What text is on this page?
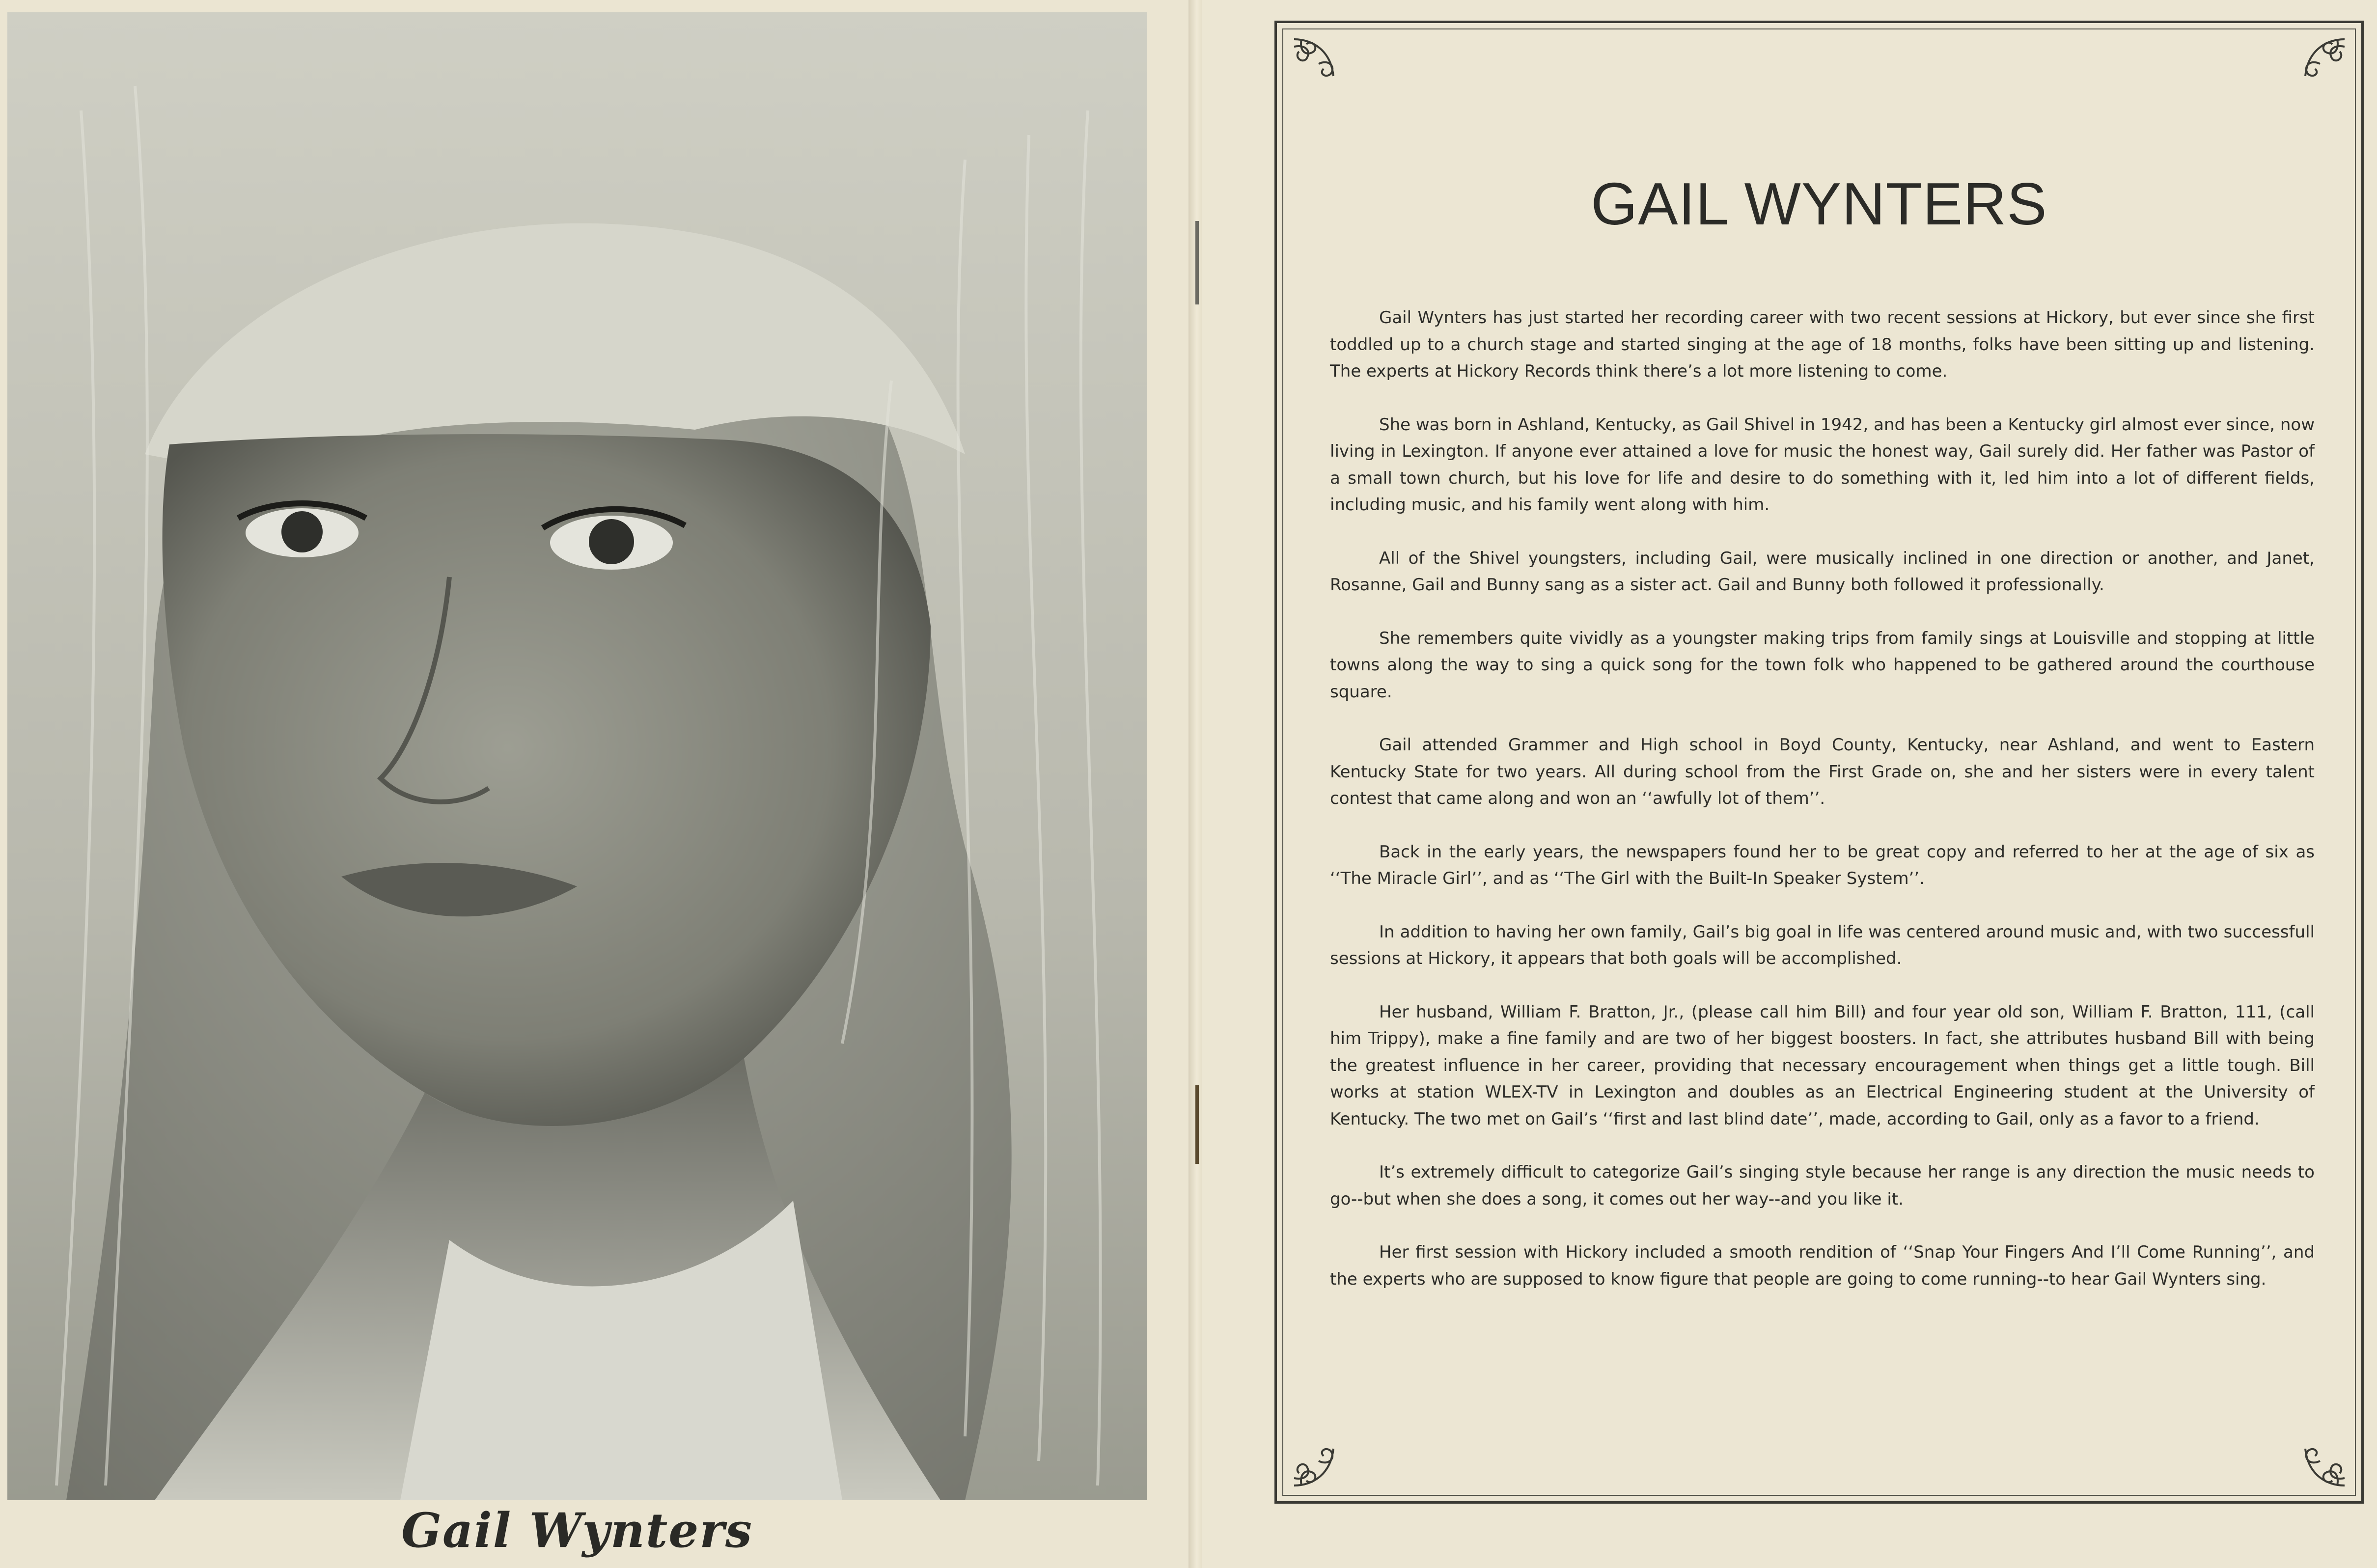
Gail Wynters
GAIL WYNTERS

Gail Wynters has just started her recording career with two recent sessions at Hickory, but ever since she first toddled up to a church stage and started singing at the age of 18 months, folks have been sitting up and listening. The experts at Hickory Records think there’s a lot more listening to come.

She was born in Ashland, Kentucky, as Gail Shivel in 1942, and has been a Kentucky girl almost ever since, now living in Lexington. If anyone ever attained a love for music the honest way, Gail surely did. Her father was Pastor of a small town church, but his love for life and desire to do something with it, led him into a lot of different fields, including music, and his family went along with him.

All of the Shivel youngsters, including Gail, were musically inclined in one direction or another, and Janet, Rosanne, Gail and Bunny sang as a sister act. Gail and Bunny both followed it professionally.

She remembers quite vividly as a youngster making trips from family sings at Louisville and stopping at little towns along the way to sing a quick song for the town folk who happened to be gathered around the courthouse square.

Gail attended Grammer and High school in Boyd County, Kentucky, near Ashland, and went to Eastern Kentucky State for two years. All during school from the First Grade on, she and her sisters were in every talent contest that came along and won an ‘‘awfully lot of them’’.

Back in the early years, the newspapers found her to be great copy and referred to her at the age of six as ‘‘The Miracle Girl’’, and as ‘‘The Girl with the Built-In Speaker System’’.

In addition to having her own family, Gail’s big goal in life was centered around music and, with two successfull sessions at Hickory, it appears that both goals will be accomplished.

Her husband, William F. Bratton, Jr., (please call him Bill) and four year old son, William F. Bratton, 111, (call him Trippy), make a fine family and are two of her biggest boosters. In fact, she attributes husband Bill with being the greatest influence in her career, providing that necessary encouragement when things get a little tough. Bill works at station WLEX-TV in Lexington and doubles as an Electrical Engineering student at the University of Kentucky. The two met on Gail’s ‘‘first and last blind date’’, made, according to Gail, only as a favor to a friend.

It’s extremely difficult to categorize Gail’s singing style because her range is any direction the music needs to go--but when she does a song, it comes out her way--and you like it.

Her first session with Hickory included a smooth rendition of ‘‘Snap Your Fingers And I’ll Come Running’’, and the experts who are supposed to know figure that people are going to come running--to hear Gail Wynters sing.
